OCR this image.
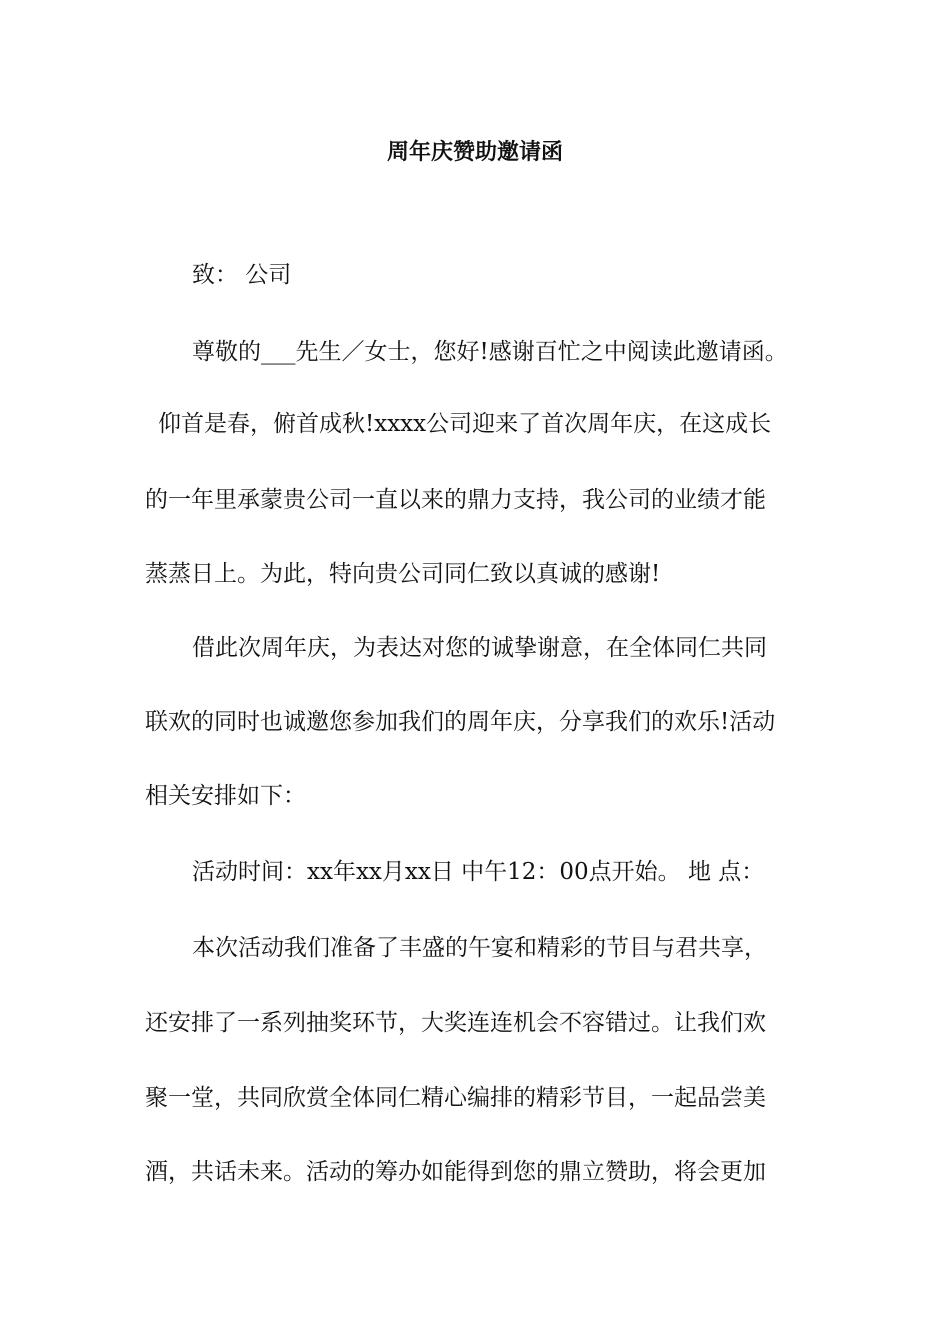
周年庆赞助邀请函
致： 公司
尊敬的___先生／女士，您好!感谢百忙之中阅读此邀请函。
仰首是春，俯首成秋!xxxx公司迎来了首次周年庆，在这成长
的一年里承蒙贵公司一直以来的鼎力支持，我公司的业绩才能
蒸蒸日上。为此，特向贵公司同仁致以真诚的感谢!
借此次周年庆，为表达对您的诚挚谢意，在全体同仁共同
联欢的同时也诚邀您参加我们的周年庆，分享我们的欢乐!活动
相关安排如下：
活动时间：xx年xx月xx日 中午12：00点开始。 地 点：
本次活动我们准备了丰盛的午宴和精彩的节目与君共享，
还安排了一系列抽奖环节，大奖连连机会不容错过。让我们欢
聚一堂，共同欣赏全体同仁精心编排的精彩节目，一起品尝美
酒，共话未来。活动的筹办如能得到您的鼎立赞助，将会更加
